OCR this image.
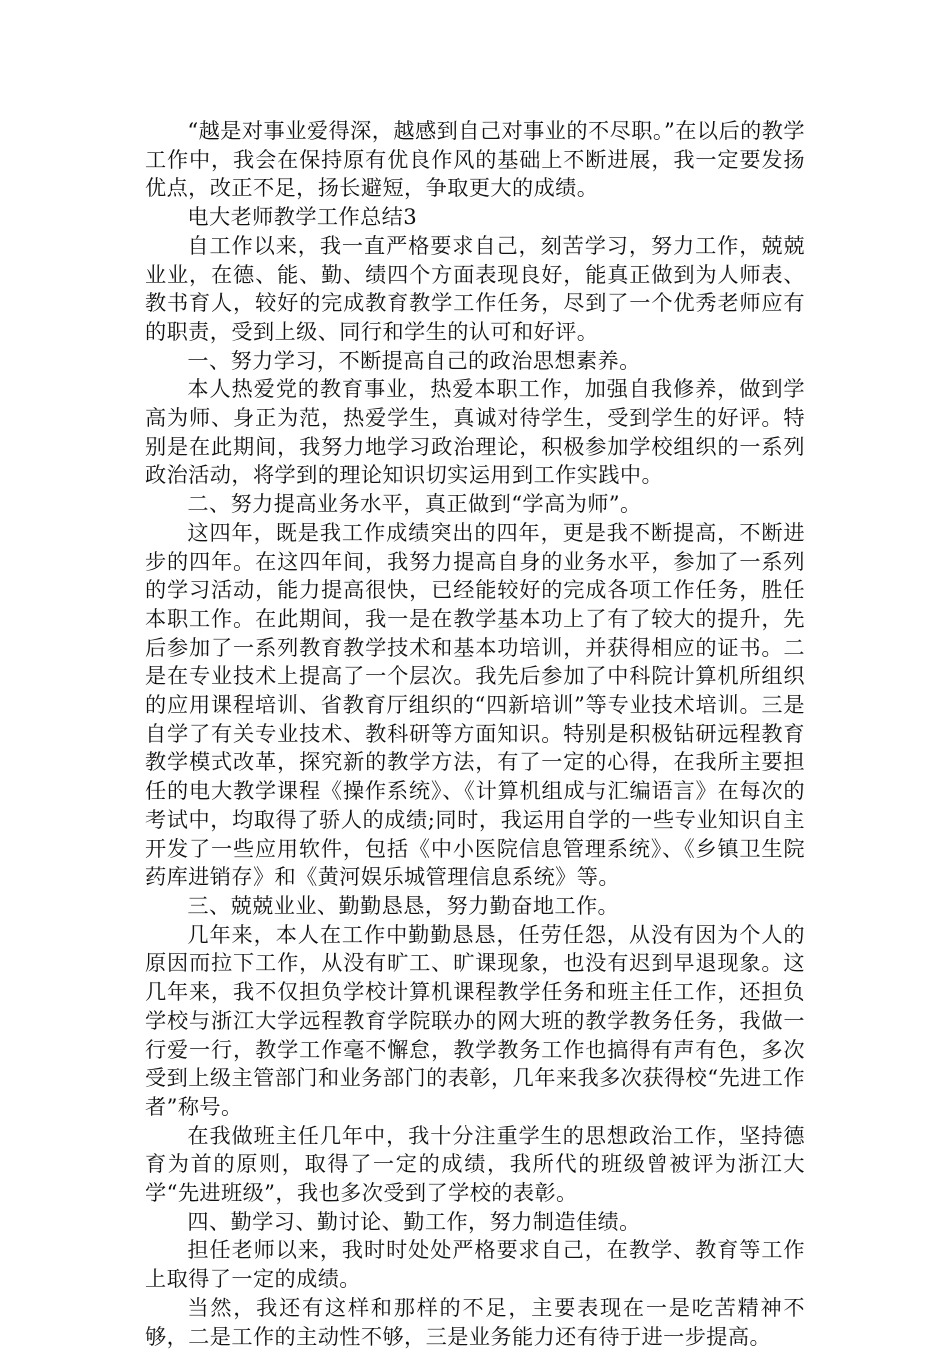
“越是对事业爱得深，越感到自己对事业的不尽职。”在以后的教学工作中，我会在保持原有优良作风的基础上不断进展，我一定要发扬优点，改正不足，扬长避短，争取更大的成绩。

电大老师教学工作总结3

自工作以来，我一直严格要求自己，刻苦学习，努力工作，兢兢业业，在德、能、勤、绩四个方面表现良好，能真正做到为人师表、教书育人，较好的完成教育教学工作任务，尽到了一个优秀老师应有的职责，受到上级、同行和学生的认可和好评。

一、努力学习，不断提高自己的政治思想素养。

本人热爱党的教育事业，热爱本职工作，加强自我修养，做到学高为师、身正为范，热爱学生，真诚对待学生，受到学生的好评。特别是在此期间，我努力地学习政治理论，积极参加学校组织的一系列政治活动，将学到的理论知识切实运用到工作实践中。

二、努力提高业务水平，真正做到“学高为师”。

这四年，既是我工作成绩突出的四年，更是我不断提高，不断进步的四年。在这四年间，我努力提高自身的业务水平，参加了一系列的学习活动，能力提高很快，已经能较好的完成各项工作任务，胜任本职工作。在此期间，我一是在教学基本功上了有了较大的提升，先后参加了一系列教育教学技术和基本功培训，并获得相应的证书。二是在专业技术上提高了一个层次。我先后参加了中科院计算机所组织的应用课程培训、省教育厅组织的“四新培训”等专业技术培训。三是自学了有关专业技术、教科研等方面知识。特别是积极钻研远程教育教学模式改革，探究新的教学方法，有了一定的心得，在我所主要担任的电大教学课程《操作系统》、《计算机组成与汇编语言》在每次的考试中，均取得了骄人的成绩;同时，我运用自学的一些专业知识自主开发了一些应用软件，包括《中小医院信息管理系统》、《乡镇卫生院药库进销存》和《黄河娱乐城管理信息系统》等。

三、兢兢业业、勤勤恳恳，努力勤奋地工作。

几年来，本人在工作中勤勤恳恳，任劳任怨，从没有因为个人的原因而拉下工作，从没有旷工、旷课现象，也没有迟到早退现象。这几年来，我不仅担负学校计算机课程教学任务和班主任工作，还担负学校与浙江大学远程教育学院联办的网大班的教学教务任务，我做一行爱一行，教学工作毫不懈怠，教学教务工作也搞得有声有色，多次受到上级主管部门和业务部门的表彰，几年来我多次获得校“先进工作者”称号。

在我做班主任几年中，我十分注重学生的思想政治工作，坚持德育为首的原则，取得了一定的成绩，我所代的班级曾被评为浙江大学“先进班级”，我也多次受到了学校的表彰。

四、勤学习、勤讨论、勤工作，努力制造佳绩。

担任老师以来，我时时处处严格要求自己，在教学、教育等工作上取得了一定的成绩。

当然，我还有这样和那样的不足，主要表现在一是吃苦精神不够，二是工作的主动性不够，三是业务能力还有待于进一步提高。
